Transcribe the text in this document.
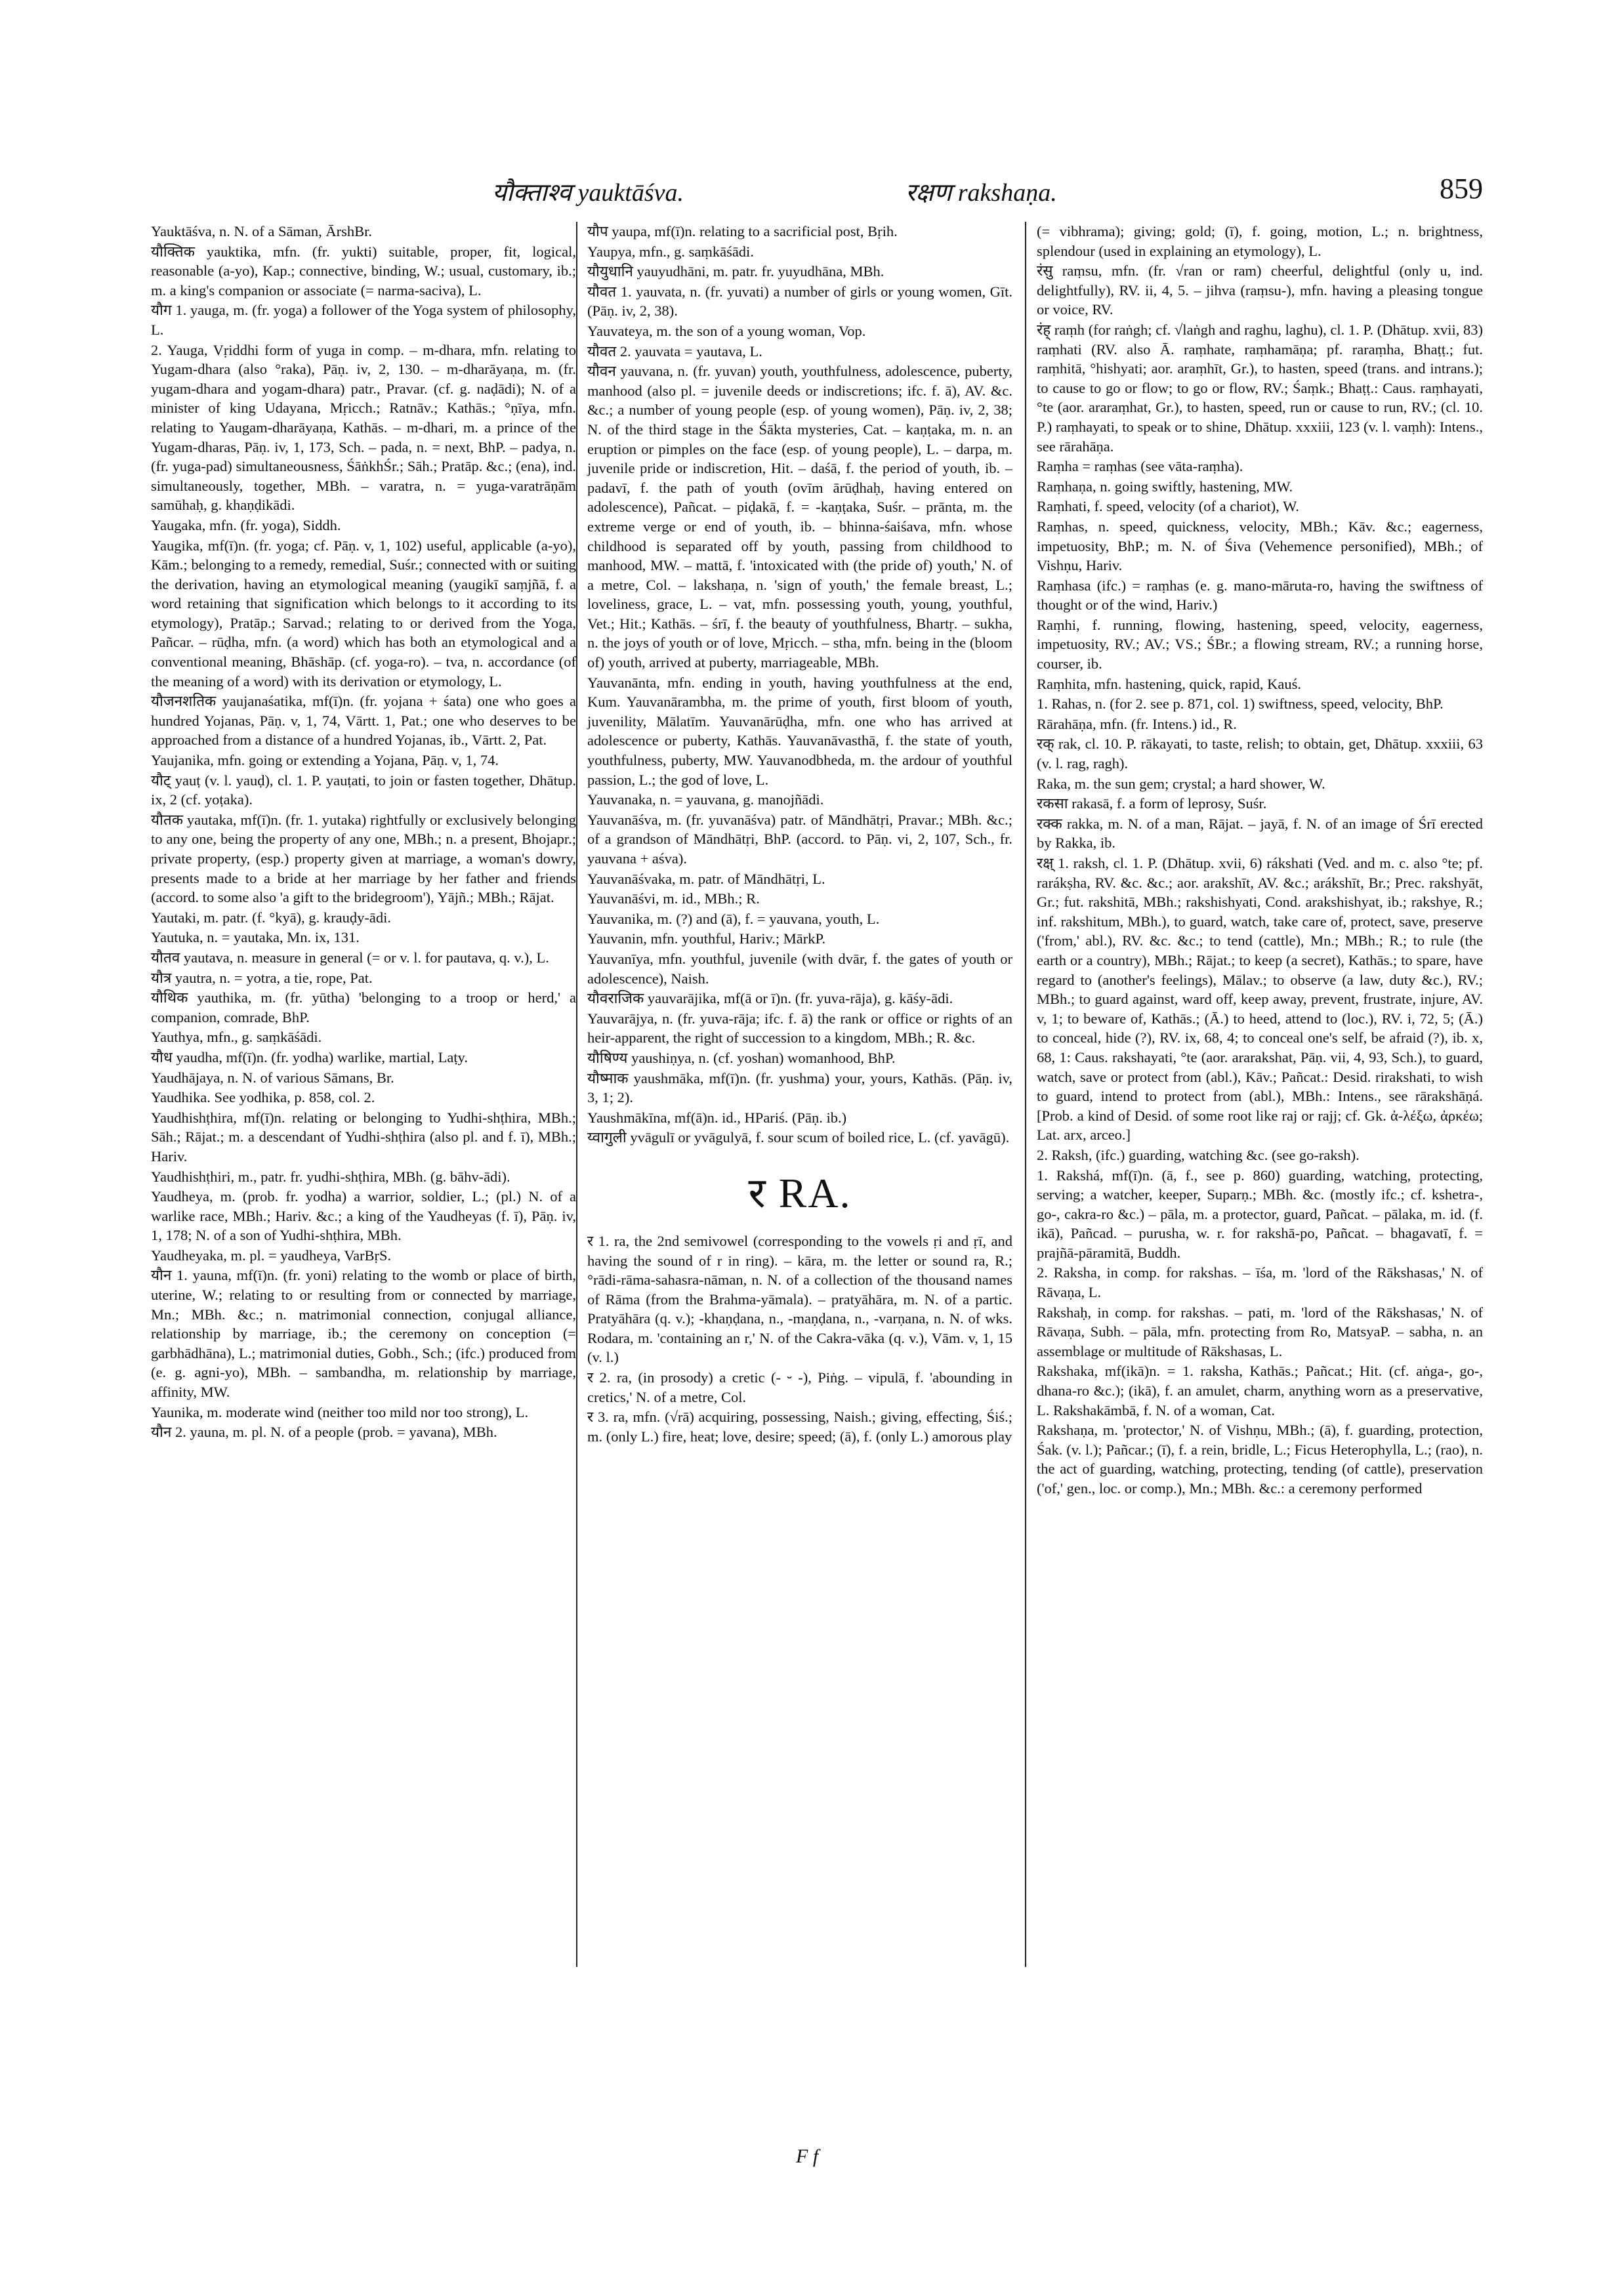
यौक्ताश्व yauktāśva.	रक्षण rakshaṇa.	859

Yauktāśva, n. N. of a Sāman, ĀrshBr.

यौक्तिक yauktika, mfn. (fr. yukti) suitable, proper, fit, logical, reasonable (a-yo), Kap.; connective, binding, W.; usual, customary, ib.; m. a king's companion or associate (= narma-saciva), L.

यौग 1. yauga, m. (fr. yoga) a follower of the Yoga system of philosophy, L.

2. Yauga, Vṛiddhi form of yuga in comp. – m-dhara, mfn. relating to Yugam-dhara (also °raka), Pāṇ. iv, 2, 130. – m-dharāyaṇa, m. (fr. yugam-dhara and yogam-dhara) patr., Pravar. (cf. g. naḍādi); N. of a minister of king Udayana, Mṛicch.; Ratnāv.; Kathās.; °ṇīya, mfn. relating to Yaugam-dharāyaṇa, Kathās. – m-dhari, m. a prince of the Yugam-dharas, Pāṇ. iv, 1, 173, Sch. – pada, n. = next, BhP. – padya, n. (fr. yuga-pad) simultaneousness, ŚāṅkhŚr.; Sāh.; Pratāp. &c.; (ena), ind. simultaneously, together, MBh. – varatra, n. = yuga-varatrāṇām samūhaḥ, g. khaṇḍikādi.

Yaugaka, mfn. (fr. yoga), Siddh.

Yaugika, mf(ī)n. (fr. yoga; cf. Pāṇ. v, 1, 102) useful, applicable (a-yo), Kām.; belonging to a remedy, remedial, Suśr.; connected with or suiting the derivation, having an etymological meaning (yaugikī saṃjñā, f. a word retaining that signification which belongs to it according to its etymology), Pratāp.; Sarvad.; relating to or derived from the Yoga, Pañcar. – rūḍha, mfn. (a word) which has both an etymological and a conventional meaning, Bhāshāp. (cf. yoga-ro). – tva, n. accordance (of the meaning of a word) with its derivation or etymology, L.

यौजनशतिक yaujanaśatika, mf(ī)n. (fr. yojana + śata) one who goes a hundred Yojanas, Pāṇ. v, 1, 74, Vārtt. 1, Pat.; one who deserves to be approached from a distance of a hundred Yojanas, ib., Vārtt. 2, Pat.

Yaujanika, mfn. going or extending a Yojana, Pāṇ. v, 1, 74.

यौट् yauṭ (v. l. yauḍ), cl. 1. P. yauṭati, to join or fasten together, Dhātup. ix, 2 (cf. yoṭaka).

यौतक yautaka, mf(ī)n. (fr. 1. yutaka) rightfully or exclusively belonging to any one, being the property of any one, MBh.; n. a present, Bhojapr.; private property, (esp.) property given at marriage, a woman's dowry, presents made to a bride at her marriage by her father and friends (accord. to some also 'a gift to the bridegroom'), Yājñ.; MBh.; Rājat.

Yautaki, m. patr. (f. °kyā), g. krauḍy-ādi.

Yautuka, n. = yautaka, Mn. ix, 131.

यौतव yautava, n. measure in general (= or v. l. for pautava, q. v.), L.

यौत्र yautra, n. = yotra, a tie, rope, Pat.

यौथिक yauthika, m. (fr. yūtha) 'belonging to a troop or herd,' a companion, comrade, BhP.

Yauthya, mfn., g. saṃkāśādi.

यौध yaudha, mf(ī)n. (fr. yodha) warlike, martial, Laṭy.

Yaudhājaya, n. N. of various Sāmans, Br.

Yaudhika. See yodhika, p. 858, col. 2.

Yaudhishṭhira, mf(ī)n. relating or belonging to Yudhi-shṭhira, MBh.; Sāh.; Rājat.; m. a descendant of Yudhi-shṭhira (also pl. and f. ī), MBh.; Hariv.

Yaudhishṭhiri, m., patr. fr. yudhi-shṭhira, MBh. (g. bāhv-ādi).

Yaudheya, m. (prob. fr. yodha) a warrior, soldier, L.; (pl.) N. of a warlike race, MBh.; Hariv. &c.; a king of the Yaudheyas (f. ī), Pāṇ. iv, 1, 178; N. of a son of Yudhi-shṭhira, MBh.

Yaudheyaka, m. pl. = yaudheya, VarBṛS.

यौन 1. yauna, mf(ī)n. (fr. yoni) relating to the womb or place of birth, uterine, W.; relating to or resulting from or connected by marriage, Mn.; MBh. &c.; n. matrimonial connection, conjugal alliance, relationship by marriage, ib.; the ceremony on conception (= garbhādhāna), L.; matrimonial duties, Gobh., Sch.; (ifc.) produced from (e. g. agni-yo), MBh. – sambandha, m. relationship by marriage, affinity, MW.

Yaunika, m. moderate wind (neither too mild nor too strong), L.

यौन 2. yauna, m. pl. N. of a people (prob. = yavana), MBh.

यौप yaupa, mf(ī)n. relating to a sacrificial post, Bṛih.

Yaupya, mfn., g. saṃkāśādi.

यौयुधानि yauyudhāni, m. patr. fr. yuyudhāna, MBh.

यौवत 1. yauvata, n. (fr. yuvati) a number of girls or young women, Gīt. (Pāṇ. iv, 2, 38).

Yauvateya, m. the son of a young woman, Vop.

यौवत 2. yauvata = yautava, L.

यौवन yauvana, n. (fr. yuvan) youth, youthfulness, adolescence, puberty, manhood (also pl. = juvenile deeds or indiscretions; ifc. f. ā), AV. &c. &c.; a number of young people (esp. of young women), Pāṇ. iv, 2, 38; N. of the third stage in the Śākta mysteries, Cat. – kaṇṭaka, m. n. an eruption or pimples on the face (esp. of young people), L. – darpa, m. juvenile pride or indiscretion, Hit. – daśā, f. the period of youth, ib. – padavī, f. the path of youth (ovīm ārūḍhaḥ, having entered on adolescence), Pañcat. – piḍakā, f. = -kaṇṭaka, Suśr. – prānta, m. the extreme verge or end of youth, ib. – bhinna-śaiśava, mfn. whose childhood is separated off by youth, passing from childhood to manhood, MW. – mattā, f. 'intoxicated with (the pride of) youth,' N. of a metre, Col. – lakshaṇa, n. 'sign of youth,' the female breast, L.; loveliness, grace, L. – vat, mfn. possessing youth, young, youthful, Vet.; Hit.; Kathās. – śrī, f. the beauty of youthfulness, Bhartṛ. – sukha, n. the joys of youth or of love, Mṛicch. – stha, mfn. being in the (bloom of) youth, arrived at puberty, marriageable, MBh.

Yauvanānta, mfn. ending in youth, having youthfulness at the end, Kum. Yauvanārambha, m. the prime of youth, first bloom of youth, juvenility, Mālatīm. Yauvanārūḍha, mfn. one who has arrived at adolescence or puberty, Kathās. Yauvanāvasthā, f. the state of youth, youthfulness, puberty, MW. Yauvanodbheda, m. the ardour of youthful passion, L.; the god of love, L.

Yauvanaka, n. = yauvana, g. manojñādi.

Yauvanāśva, m. (fr. yuvanāśva) patr. of Māndhātṛi, Pravar.; MBh. &c.; of a grandson of Māndhātṛi, BhP. (accord. to Pāṇ. vi, 2, 107, Sch., fr. yauvana + aśva).

Yauvanāśvaka, m. patr. of Māndhātṛi, L.

Yauvanāśvi, m. id., MBh.; R.

Yauvanika, m. (?) and (ā), f. = yauvana, youth, L.

Yauvanin, mfn. youthful, Hariv.; MārkP.

Yauvanīya, mfn. youthful, juvenile (with dvār, f. the gates of youth or adolescence), Naish.

यौवराजिक yauvarājika, mf(ā or ī)n. (fr. yuva-rāja), g. kāśy-ādi.

Yauvarājya, n. (fr. yuva-rāja; ifc. f. ā) the rank or office or rights of an heir-apparent, the right of succession to a kingdom, MBh.; R. &c.

यौषिण्य yaushiṇya, n. (cf. yoshan) womanhood, BhP.

यौष्माक yaushmāka, mf(ī)n. (fr. yushma) your, yours, Kathās. (Pāṇ. iv, 3, 1; 2).

Yaushmākīna, mf(ā)n. id., HPariś. (Pāṇ. ib.)

य्वागुली yvāgulī or yvāgulyā, f. sour scum of boiled rice, L. (cf. yavāgū).

र RA.

र 1. ra, the 2nd semivowel (corresponding to the vowels ṛi and ṛī, and having the sound of r in ring). – kāra, m. the letter or sound ra, R.; °rādi-rāma-sahasra-nāman, n. N. of a collection of the thousand names of Rāma (from the Brahma-yāmala). – pratyāhāra, m. N. of a partic. Pratyāhāra (q. v.); -khaṇḍana, n., -maṇḍana, n., -varṇana, n. N. of wks. Rodara, m. 'containing an r,' N. of the Cakra-vāka (q. v.), Vām. v, 1, 15 (v. l.)

र 2. ra, (in prosody) a cretic (- ⏑ -), Piṅg. – vipulā, f. 'abounding in cretics,' N. of a metre, Col.

र 3. ra, mfn. (√rā) acquiring, possessing, Naish.; giving, effecting, Śiś.; m. (only L.) fire, heat; love, desire; speed; (ā), f. (only L.) amorous play

(= vibhrama); giving; gold; (ī), f. going, motion, L.; n. brightness, splendour (used in explaining an etymology), L.

रंसु raṃsu, mfn. (fr. √ran or ram) cheerful, delightful (only u, ind. delightfully), RV. ii, 4, 5. – jihva (raṃsu-), mfn. having a pleasing tongue or voice, RV.

रंह् raṃh (for raṅgh; cf. √laṅgh and raghu, laghu), cl. 1. P. (Dhātup. xvii, 83) raṃhati (RV. also Ā. raṃhate, raṃhamāṇa; pf. raraṃha, Bhaṭṭ.; fut. raṃhitā, °hishyati; aor. araṃhīt, Gr.), to hasten, speed (trans. and intrans.); to cause to go or flow; to go or flow, RV.; Śaṃk.; Bhaṭṭ.: Caus. raṃhayati, °te (aor. araraṃhat, Gr.), to hasten, speed, run or cause to run, RV.; (cl. 10. P.) raṃhayati, to speak or to shine, Dhātup. xxxiii, 123 (v. l. vaṃh): Intens., see rārahāṇa.

Raṃha = raṃhas (see vāta-raṃha).

Raṃhaṇa, n. going swiftly, hastening, MW.

Raṃhati, f. speed, velocity (of a chariot), W.

Raṃhas, n. speed, quickness, velocity, MBh.; Kāv. &c.; eagerness, impetuosity, BhP.; m. N. of Śiva (Vehemence personified), MBh.; of Vishṇu, Hariv.

Raṃhasa (ifc.) = raṃhas (e. g. mano-māruta-ro, having the swiftness of thought or of the wind, Hariv.)

Raṃhi, f. running, flowing, hastening, speed, velocity, eagerness, impetuosity, RV.; AV.; VS.; ŚBr.; a flowing stream, RV.; a running horse, courser, ib.

Raṃhita, mfn. hastening, quick, rapid, Kauś.

1. Rahas, n. (for 2. see p. 871, col. 1) swiftness, speed, velocity, BhP.

Rārahāṇa, mfn. (fr. Intens.) id., R.

रक् rak, cl. 10. P. rākayati, to taste, relish; to obtain, get, Dhātup. xxxiii, 63 (v. l. rag, ragh).

Raka, m. the sun gem; crystal; a hard shower, W.

रकसा rakasā, f. a form of leprosy, Suśr.

रक्क rakka, m. N. of a man, Rājat. – jayā, f. N. of an image of Śrī erected by Rakka, ib.

रक्ष् 1. raksh, cl. 1. P. (Dhātup. xvii, 6) rákshati (Ved. and m. c. also °te; pf. rarákṣha, RV. &c. &c.; aor. arakshīt, AV. &c.; arákshīt, Br.; Prec. rakshyāt, Gr.; fut. rakshitā, MBh.; rakshishyati, Cond. arakshishyat, ib.; rakshye, R.; inf. rakshitum, MBh.), to guard, watch, take care of, protect, save, preserve ('from,' abl.), RV. &c. &c.; to tend (cattle), Mn.; MBh.; R.; to rule (the earth or a country), MBh.; Rājat.; to keep (a secret), Kathās.; to spare, have regard to (another's feelings), Mālav.; to observe (a law, duty &c.), RV.; MBh.; to guard against, ward off, keep away, prevent, frustrate, injure, AV. v, 1; to beware of, Kathās.; (Ā.) to heed, attend to (loc.), RV. i, 72, 5; (Ā.) to conceal, hide (?), RV. ix, 68, 4; to conceal one's self, be afraid (?), ib. x, 68, 1: Caus. rakshayati, °te (aor. ararakshat, Pāṇ. vii, 4, 93, Sch.), to guard, watch, save or protect from (abl.), Kāv.; Pañcat.: Desid. rirakshati, to wish to guard, intend to protect from (abl.), MBh.: Intens., see rārakshāṇá. [Prob. a kind of Desid. of some root like raj or rajj; cf. Gk. ἀ-λέξω, ἀρκέω; Lat. arx, arceo.]

2. Raksh, (ifc.) guarding, watching &c. (see go-raksh).

1. Rakshá, mf(ī)n. (ā, f., see p. 860) guarding, watching, protecting, serving; a watcher, keeper, Suparṇ.; MBh. &c. (mostly ifc.; cf. kshetra-, go-, cakra-ro &c.) – pāla, m. a protector, guard, Pañcat. – pālaka, m. id. (f. ikā), Pañcad. – purusha, w. r. for rakshā-po, Pañcat. – bhagavatī, f. = prajñā-pāramitā, Buddh.

2. Raksha, in comp. for rakshas. – īśa, m. 'lord of the Rākshasas,' N. of Rāvaṇa, L.

Rakshaḥ, in comp. for rakshas. – pati, m. 'lord of the Rākshasas,' N. of Rāvaṇa, Subh. – pāla, mfn. protecting from Ro, MatsyaP. – sabha, n. an assemblage or multitude of Rākshasas, L.

Rakshaka, mf(ikā)n. = 1. raksha, Kathās.; Pañcat.; Hit. (cf. aṅga-, go-, dhana-ro &c.); (ikā), f. an amulet, charm, anything worn as a preservative, L. Rakshakāmbā, f. N. of a woman, Cat.

Rakshaṇa, m. 'protector,' N. of Vishṇu, MBh.; (ā), f. guarding, protection, Śak. (v. l.); Pañcar.; (ī), f. a rein, bridle, L.; Ficus Heterophylla, L.; (rao), n. the act of guarding, watching, protecting, tending (of cattle), preservation ('of,' gen., loc. or comp.), Mn.; MBh. &c.: a ceremony performed

F f
